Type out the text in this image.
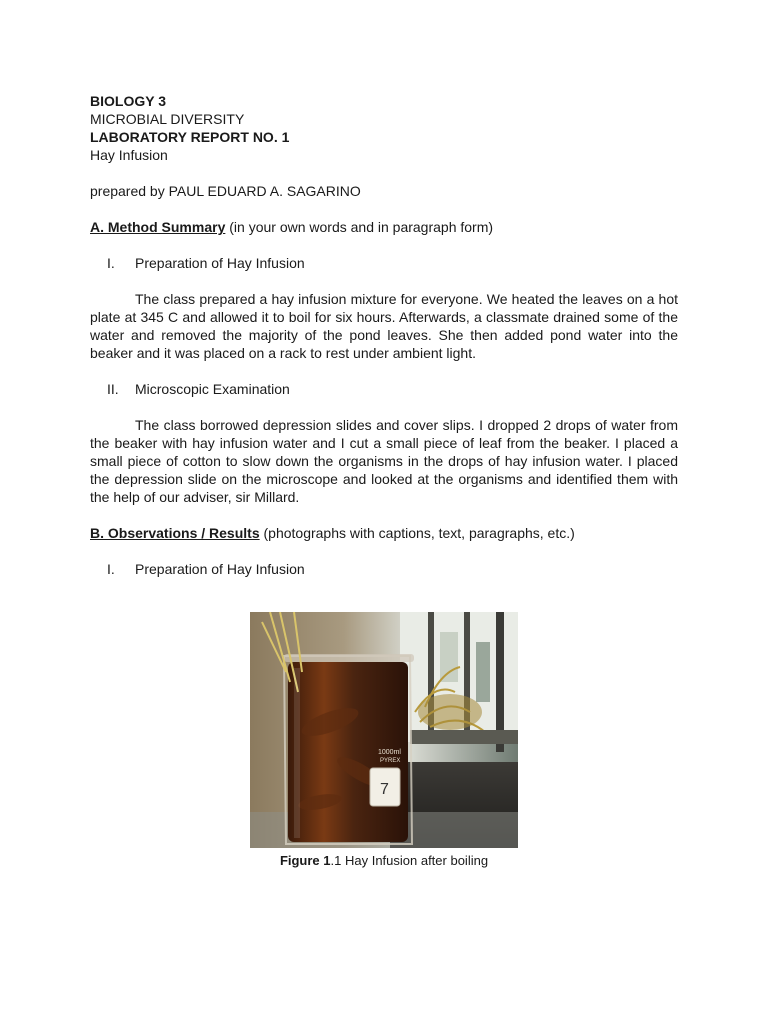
BIOLOGY 3

MICROBIAL DIVERSITY

LABORATORY REPORT NO. 1

Hay Infusion

prepared by PAUL EDUARD A. SAGARINO

A. Method Summary (in your own words and in paragraph form)

I.	Preparation of Hay Infusion

The class prepared a hay infusion mixture for everyone. We heated the leaves on a hot plate at 345 C and allowed it to boil for six hours. Afterwards, a classmate drained some of the water and removed the majority of the pond leaves. She then added pond water into the beaker and it was placed on a rack to rest under ambient light.

II.	Microscopic Examination

The class borrowed depression slides and cover slips. I dropped 2 drops of water from the beaker with hay infusion water and I cut a small piece of leaf from the beaker. I placed a small piece of cotton to slow down the organisms in the drops of hay infusion water. I placed the depression slide on the microscope and looked at the organisms and identified them with the help of our adviser, sir Millard.

B. Observations / Results (photographs with captions, text, paragraphs, etc.)

I.	Preparation of Hay Infusion
1000ml
PYREX
7
Figure 1.1 Hay Infusion after boiling
